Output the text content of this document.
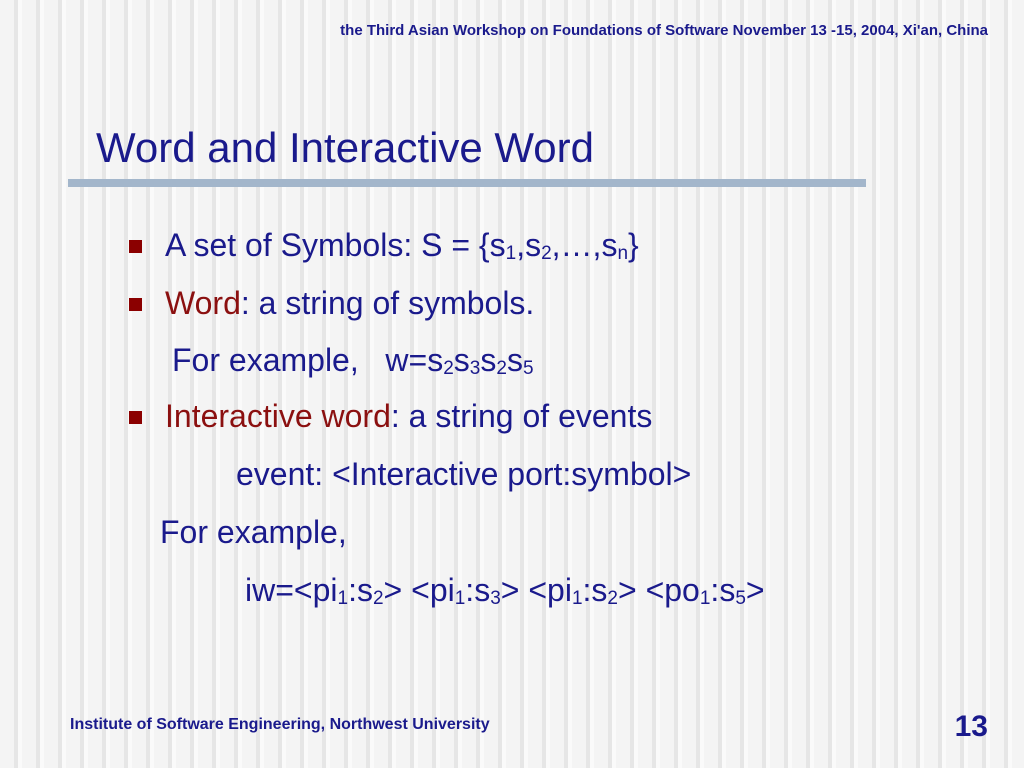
the Third Asian Workshop on Foundations of Software November 13 -15, 2004, Xi'an, China
Word and Interactive Word
A set of Symbols: $S = \{s_1,s_2,\dots,s_n\}$
Word: a string of symbols.
For example,   $w=s_2s_3s_2s_5$
Interactive word: a string of events
event: <Interactive port:symbol>
For example,
$iw=<pi_1:s_2>$ $<pi_1:s_3>$ $<pi_1:s_2>$ $<po_1:s_5>$
Institute of Software Engineering, Northwest University	13
